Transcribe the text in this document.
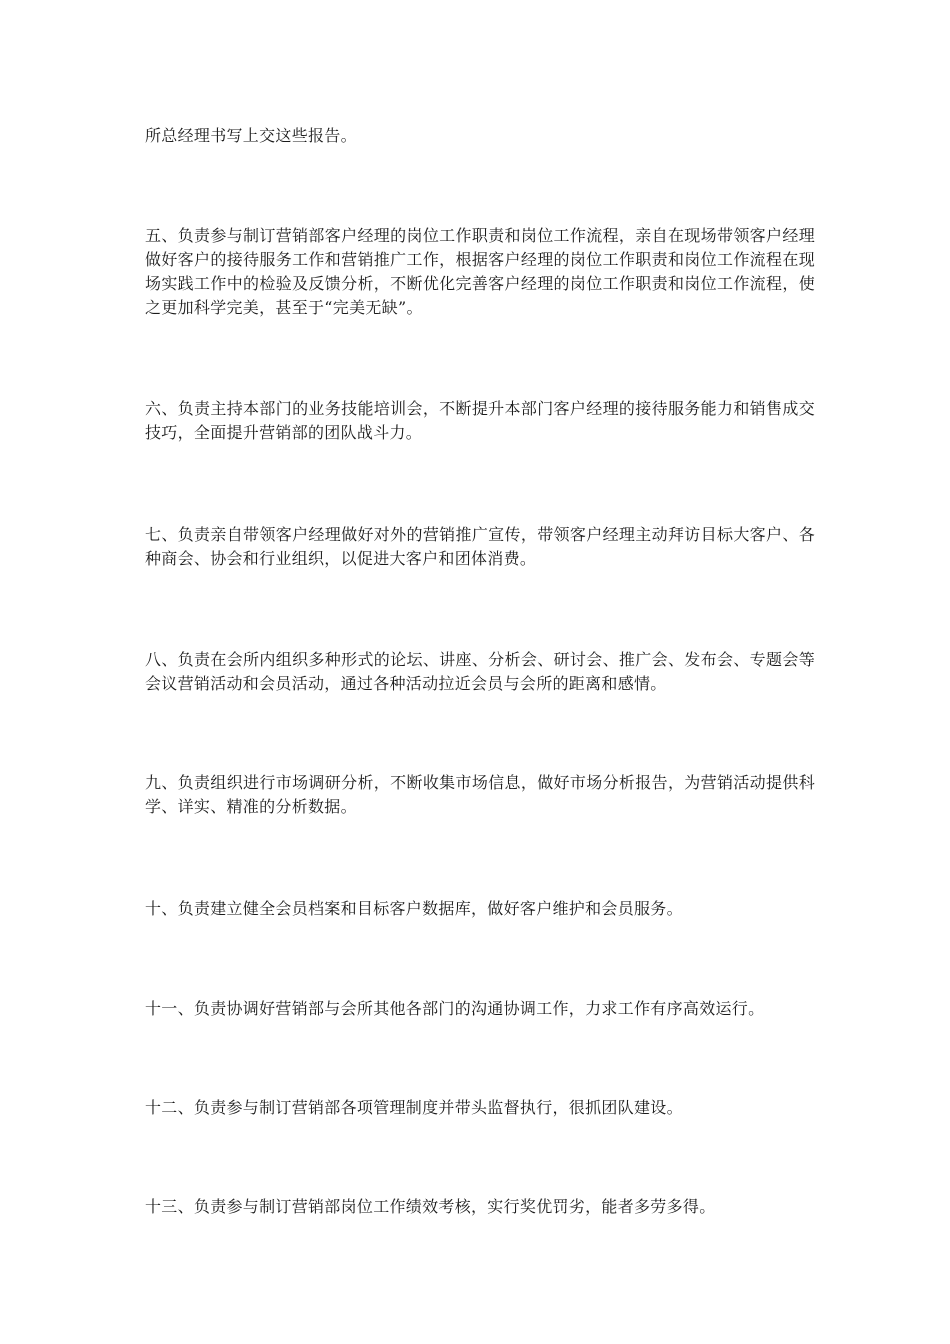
所总经理书写上交这些报告。

五、负责参与制订营销部客户经理的岗位工作职责和岗位工作流程，亲自在现场带领客户经理做好客户的接待服务工作和营销推广工作，根据客户经理的岗位工作职责和岗位工作流程在现场实践工作中的检验及反馈分析，不断优化完善客户经理的岗位工作职责和岗位工作流程，使之更加科学完美，甚至于“完美无缺”。

六、负责主持本部门的业务技能培训会，不断提升本部门客户经理的接待服务能力和销售成交技巧，全面提升营销部的团队战斗力。

七、负责亲自带领客户经理做好对外的营销推广宣传，带领客户经理主动拜访目标大客户、各种商会、协会和行业组织，以促进大客户和团体消费。

八、负责在会所内组织多种形式的论坛、讲座、分析会、研讨会、推广会、发布会、专题会等会议营销活动和会员活动，通过各种活动拉近会员与会所的距离和感情。

九、负责组织进行市场调研分析，不断收集市场信息，做好市场分析报告，为营销活动提供科学、详实、精准的分析数据。

十、负责建立健全会员档案和目标客户数据库，做好客户维护和会员服务。

十一、负责协调好营销部与会所其他各部门的沟通协调工作，力求工作有序高效运行。

十二、负责参与制订营销部各项管理制度并带头监督执行，很抓团队建设。

十三、负责参与制订营销部岗位工作绩效考核，实行奖优罚劣，能者多劳多得。
